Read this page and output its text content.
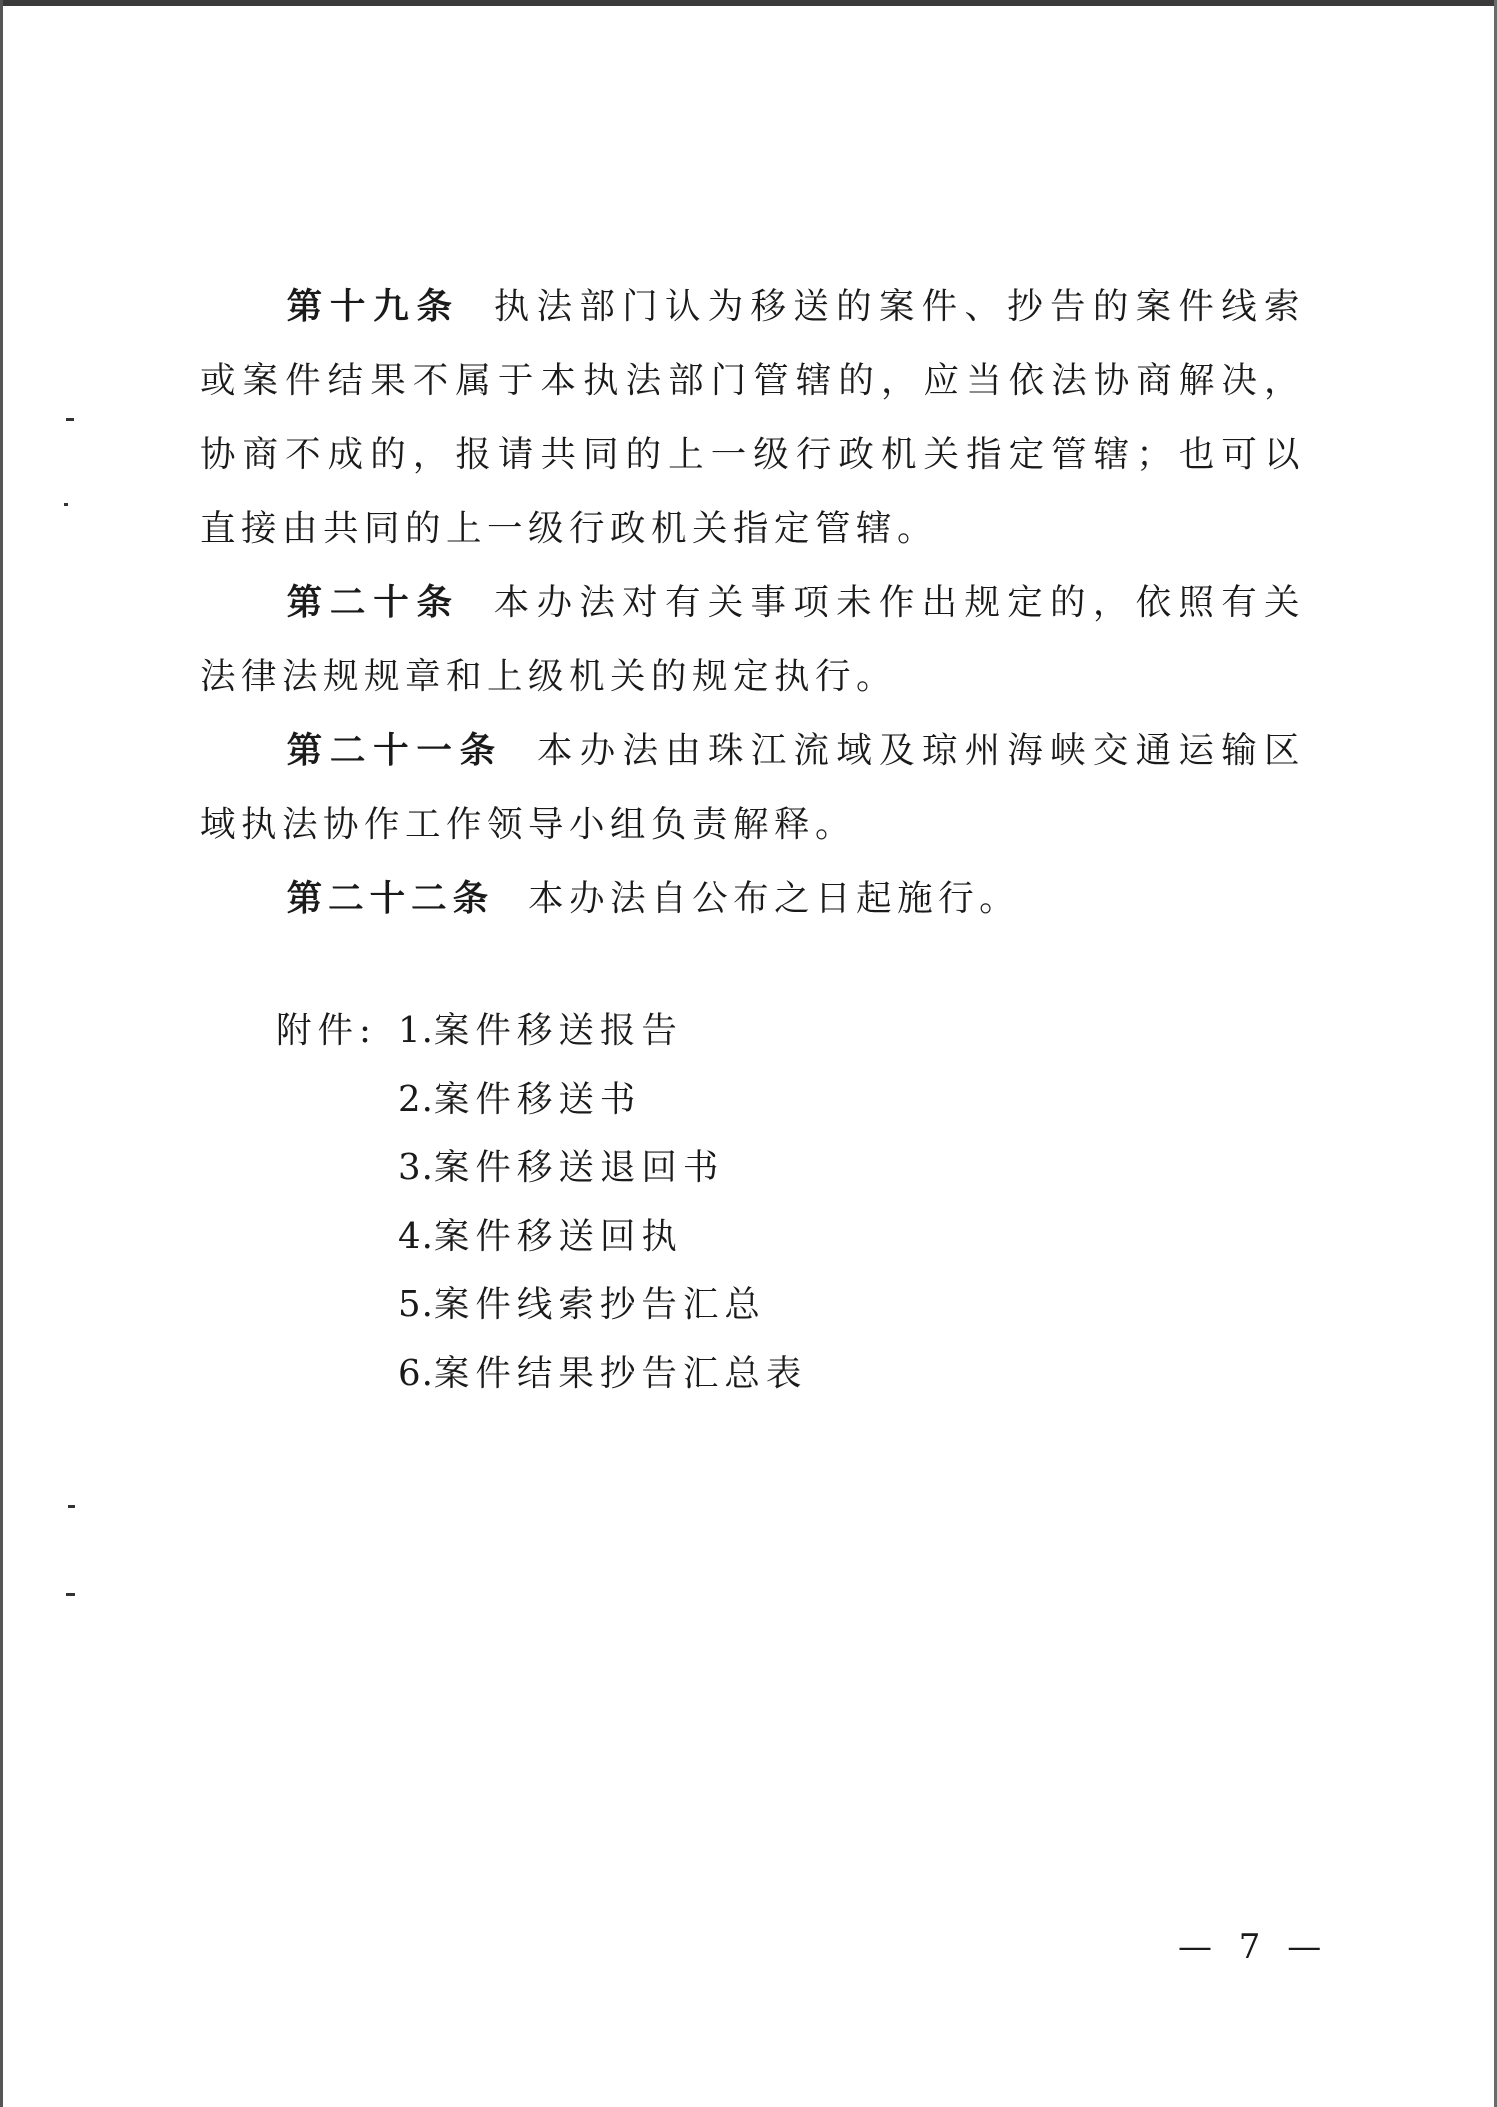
第十九条 执法部门认为移送的案件、抄告的案件线索或案件结果不属于本执法部门管辖的，应当依法协商解决，协商不成的，报请共同的上一级行政机关指定管辖；也可以直接由共同的上一级行政机关指定管辖。

第二十条 本办法对有关事项未作出规定的，依照有关法律法规规章和上级机关的规定执行。

第二十一条 本办法由珠江流域及琼州海峡交通运输区域执法协作工作领导小组负责解释。

第二十二条 本办法自公布之日起施行。

附件: 1.案件移送报告
2.案件移送书
3.案件移送退回书
4.案件移送回执
5.案件线索抄告汇总
6.案件结果抄告汇总表
— 7 —
